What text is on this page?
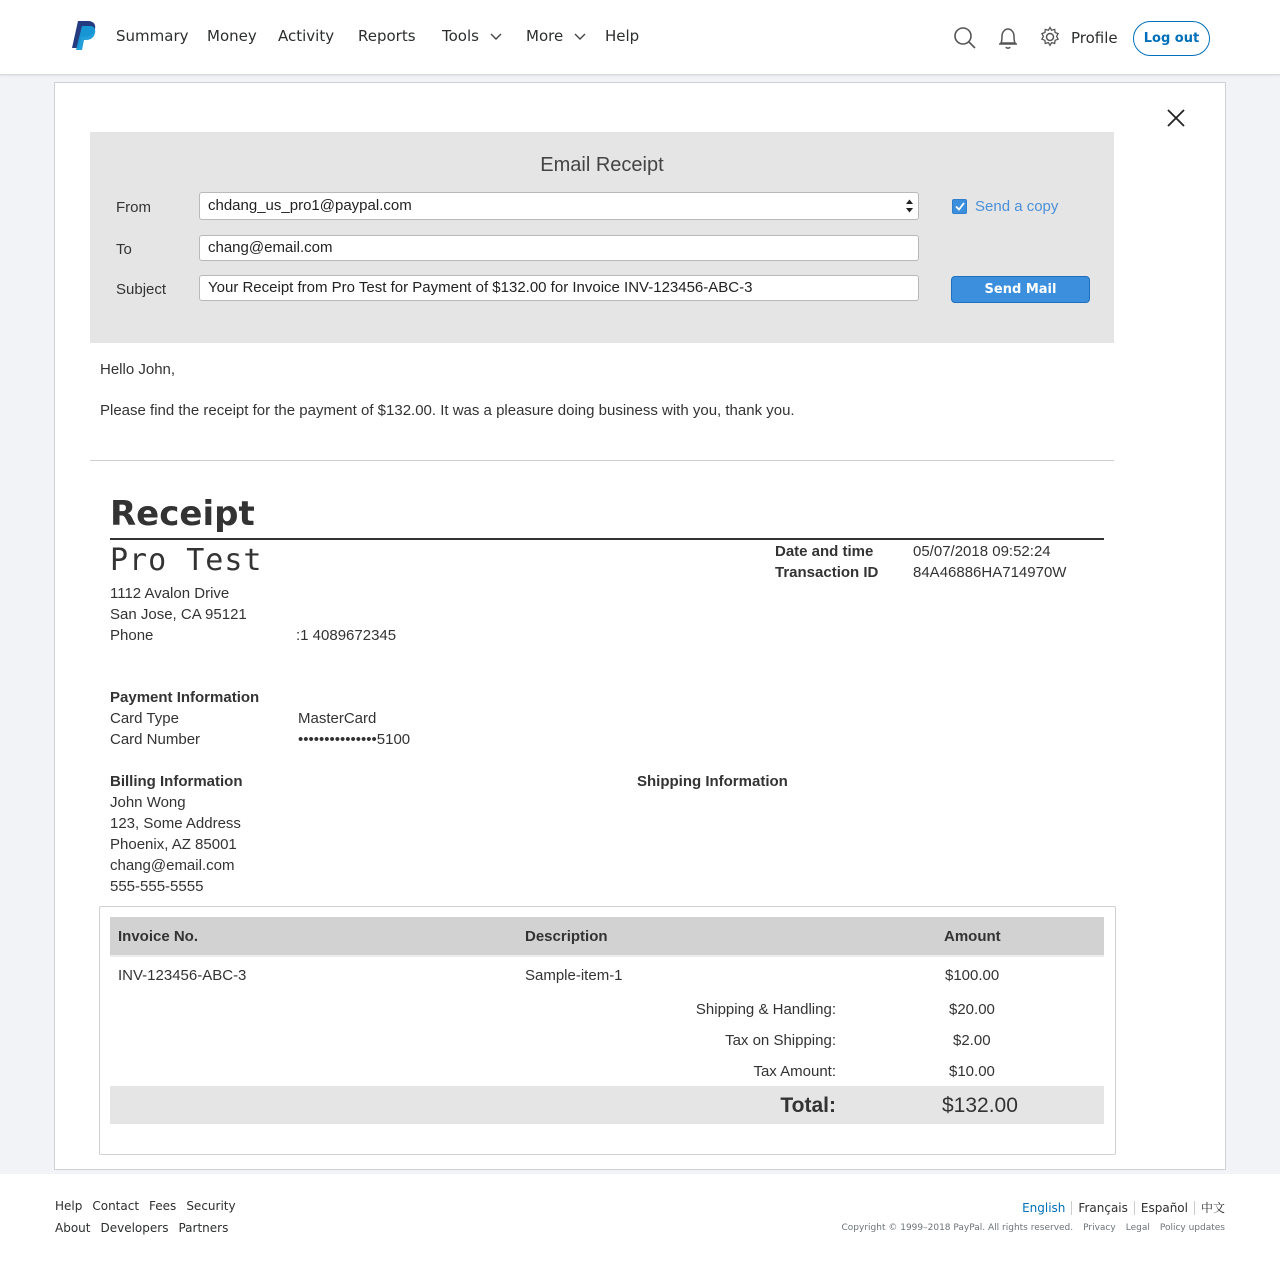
Summary Money Activity Reports Tools	More	Help	Profile	Log out
Email Receipt
From	chdang_us_pro1@paypal.com
To	chang@email.com
Subject	Your Receipt from Pro Test for Payment of $132.00 for Invoice INV-123456-ABC-3
Send a copy
Send Mail
Hello John,
Please find the receipt for the payment of $132.00. It was a pleasure doing business with you, thank you.
Receipt
Pro Test
1112 Avalon Drive
San Jose, CA 95121
Phone	:1 4089672345
Date and time	05/07/2018 09:52:24
Transaction ID 84A46886HA714970W
Payment Information
Card Type	MasterCard
Card Number	•••••••••••••••5100
Billing Information
John Wong
123, Some Address
Phoenix, AZ 85001
chang@email.com
555-555-5555
Shipping Information
Invoice No.	Description	Amount
INV-123456-ABC-3	Sample-item-1	$100.00
Shipping & Handling:	$20.00
Tax on Shipping:	$2.00
Tax Amount:	$10.00
Total:	$132.00
Help Contact Fees Security
About Developers Partners
English	Français	Español	中文
Copyright © 1999–2018 PayPal. All rights reserved. Privacy Legal Policy updates
